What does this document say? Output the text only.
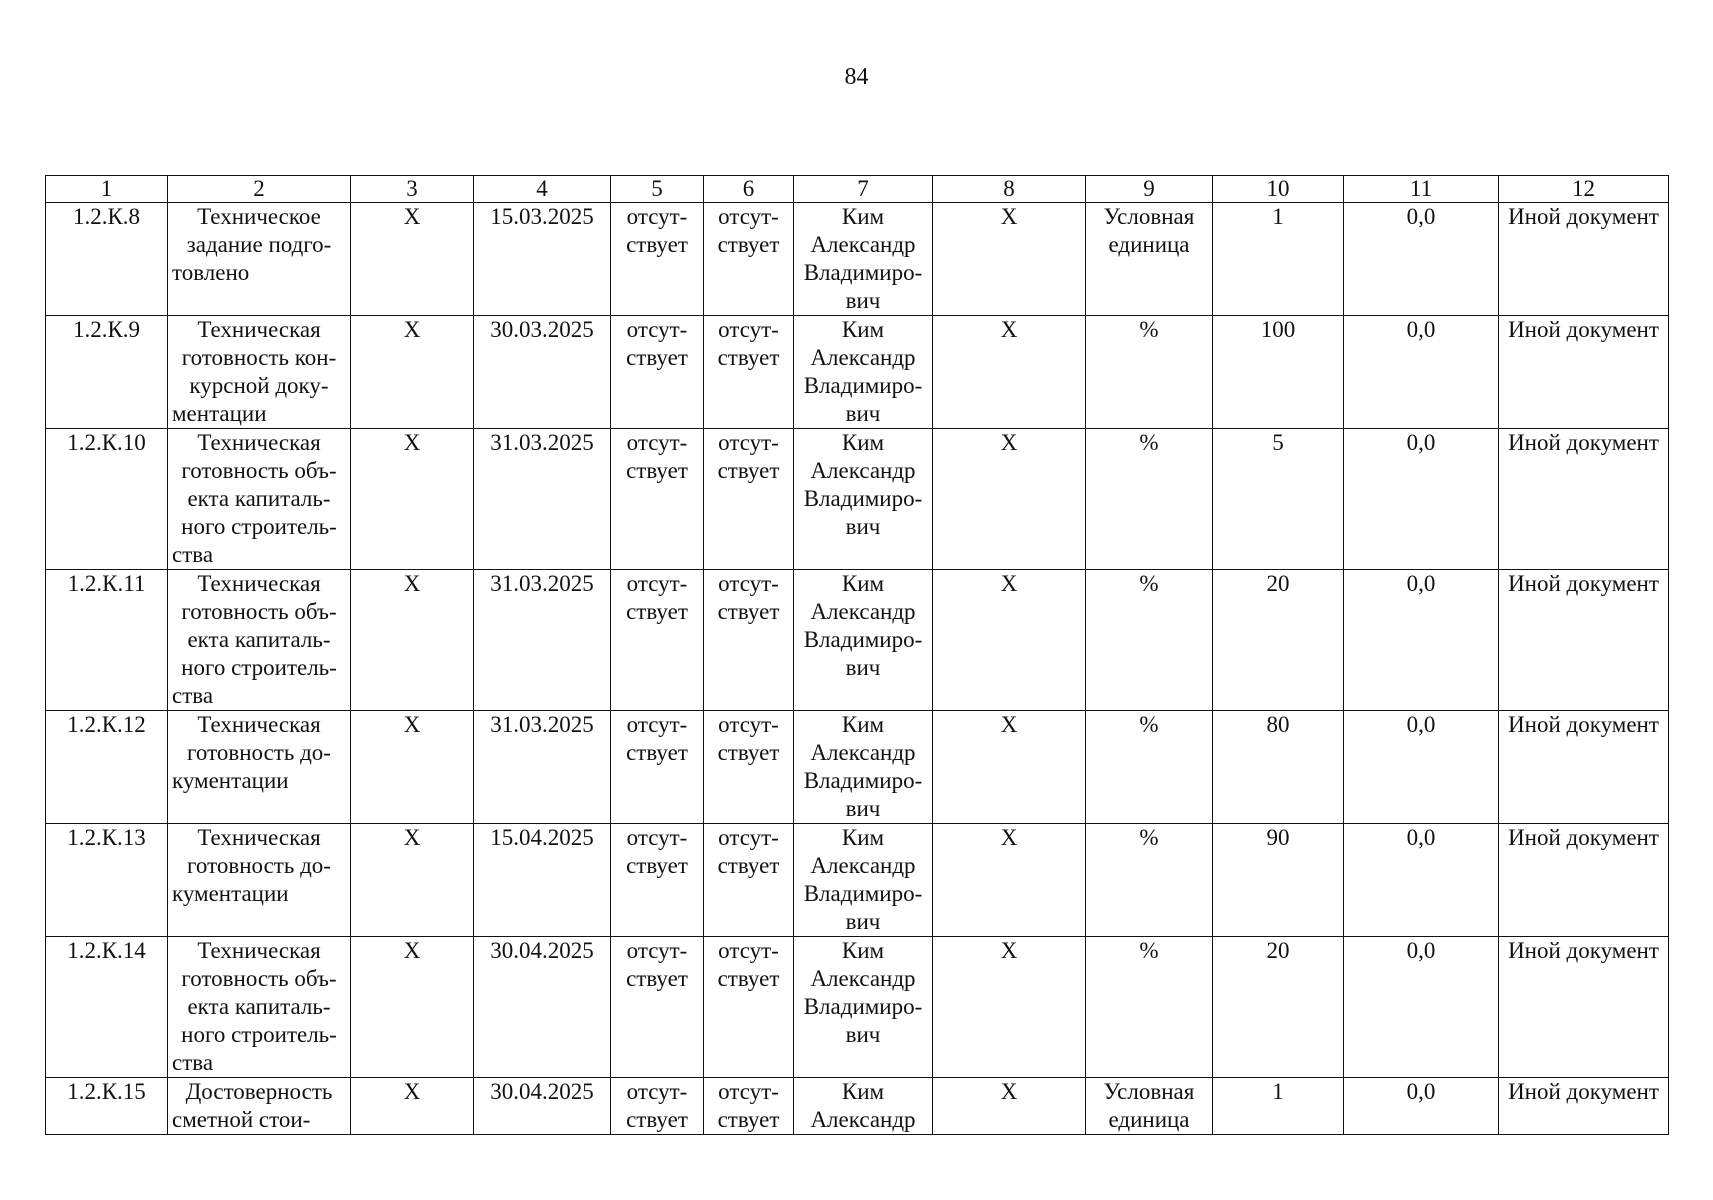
84
1	2	3	4	5	6	7	8	9	10	11	12
1.2.К.8	Техническое задание подго-товлено	Х	15.03.2025	отсут-ствует	отсут-ствует	Ким Александр Владимиро-вич	Х	Условная единица	1	0,0	Иной документ
1.2.К.9	Техническая готовность кон-курсной доку-ментации	Х	30.03.2025	отсут-ствует	отсут-ствует	Ким Александр Владимиро-вич	Х	%	100	0,0	Иной документ
1.2.К.10	Техническая готовность объ-екта капиталь-ного строитель-ства	Х	31.03.2025	отсут-ствует	отсут-ствует	Ким Александр Владимиро-вич	Х	%	5	0,0	Иной документ
1.2.К.11	Техническая готовность объ-екта капиталь-ного строитель-ства	Х	31.03.2025	отсут-ствует	отсут-ствует	Ким Александр Владимиро-вич	Х	%	20	0,0	Иной документ
1.2.К.12	Техническая готовность до-кументации	Х	31.03.2025	отсут-ствует	отсут-ствует	Ким Александр Владимиро-вич	Х	%	80	0,0	Иной документ
1.2.К.13	Техническая готовность до-кументации	Х	15.04.2025	отсут-ствует	отсут-ствует	Ким Александр Владимиро-вич	Х	%	90	0,0	Иной документ
1.2.К.14	Техническая готовность объ-екта капиталь-ного строитель-ства	Х	30.04.2025	отсут-ствует	отсут-ствует	Ким Александр Владимиро-вич	Х	%	20	0,0	Иной документ
1.2.К.15	Достоверность сметной стои-	Х	30.04.2025	отсут-ствует	отсут-ствует	Ким Александр	Х	Условная единица	1	0,0	Иной документ
